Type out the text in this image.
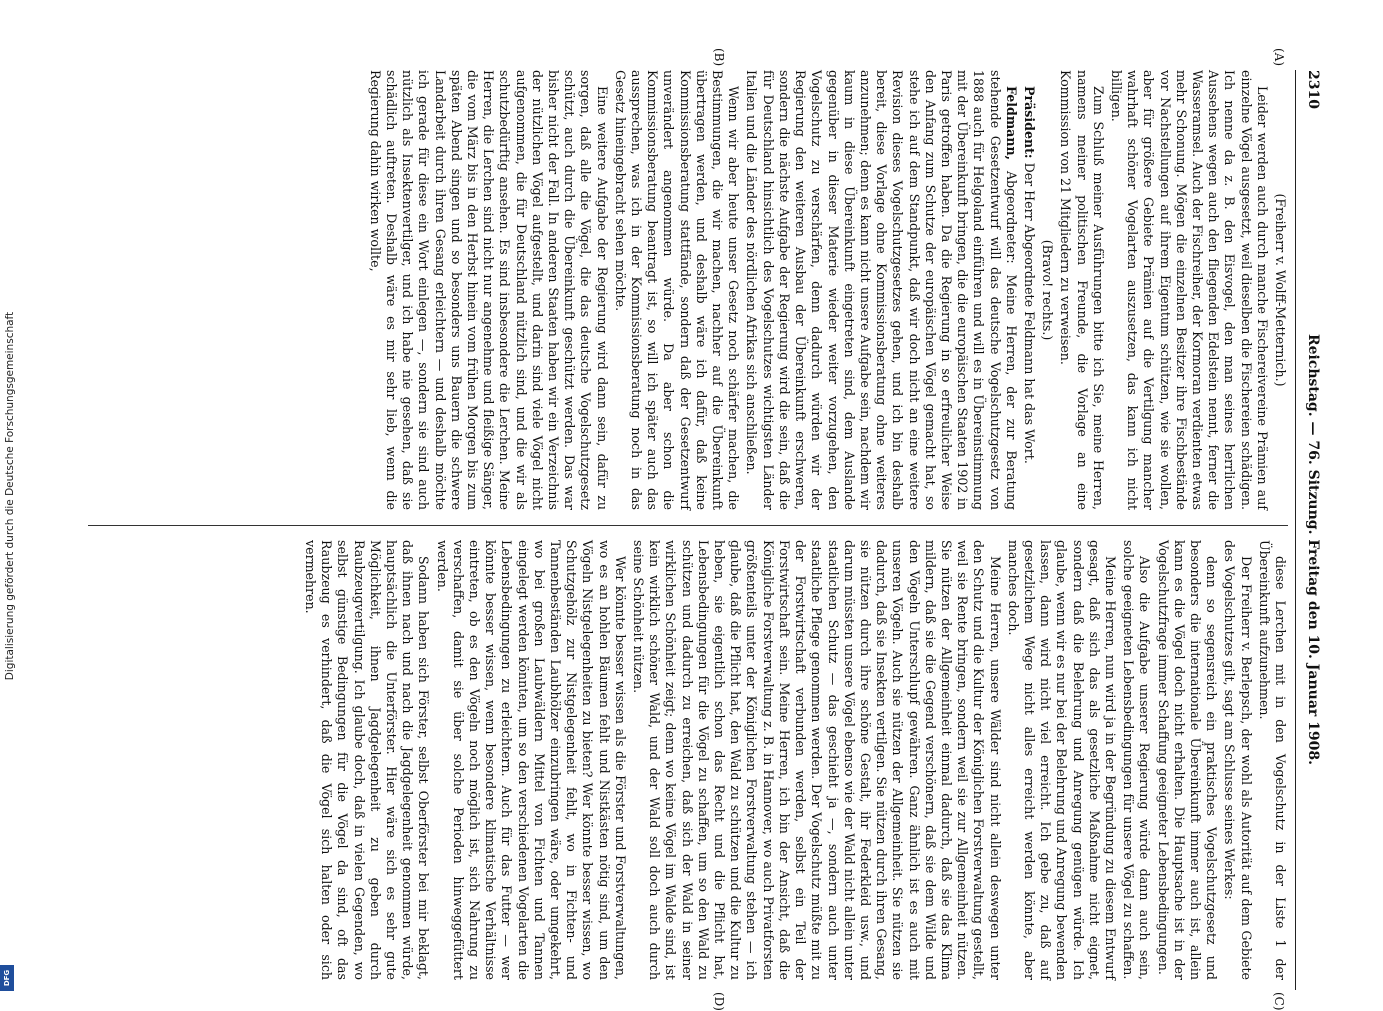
2310
Reichstag. — 76. Sitzung. Freitag den 10. Januar 1908.

(Freiherr v. Wolff-Metternich.)

Leider werden auch durch manche Fischereivereine Prämien auf einzelne Vögel ausgesetzt, weil dieselben die Fischereien schädigen. Ich nenne da z. B. den Eisvogel, den man seines herrlichen Aussehens wegen auch den fliegenden Edelstein nennt, ferner die Wasseramsel. Auch der Fischreiher, der Kormoran verdienten etwas mehr Schonung. Mögen die einzelnen Besitzer ihre Fischbestände vor Nachstellungen auf ihrem Eigentum schützen, wie sie wollen, aber für größere Gebiete Prämien auf die Vertilgung mancher wahrhaft schöner Vogelarten auszusetzen, das kann ich nicht billigen.

Zum Schluß meiner Ausführungen bitte ich Sie, meine Herren, namens meiner politischen Freunde, die Vorlage an eine Kommission von 21 Mitgliedern zu verweisen.

(Bravo! rechts.)

Präsident: Der Herr Abgeordnete Feldmann hat das Wort.

Feldmann, Abgeordneter: Meine Herren, der zur Beratung stehende Gesetzentwurf will das deutsche Vogelschutzgesetz von 1888 auch für Helgoland einführen und will es in Übereinstimmung mit der Übereinkunft bringen, die die europäischen Staaten 1902 in Paris getroffen haben. Da die Regierung in so erfreulicher Weise den Anfang zum Schutze der europäischen Vögel gemacht hat, so stehe ich auf dem Standpunkt, daß wir doch nicht an eine weitere Revision dieses Vogelschutzgesetzes gehen, und ich bin deshalb bereit, diese Vorlage ohne Kommissionsberatung ohne weiteres anzunehmen; denn es kann nicht unsere Aufgabe sein, nachdem wir kaum in diese Übereinkunft eingetreten sind, dem Auslande gegenüber in dieser Materie wieder weiter vorzugehen, den Vogelschutz zu verschärfen, denn dadurch würden wir der Regierung den weiteren Ausbau der Übereinkunft erschweren, sondern die nächste Aufgabe der Regierung wird die sein, daß die für Deutschland hinsichtlich des Vogelschutzes wichtigsten Länder Italien und die Länder des nördlichen Afrikas sich anschließen.

Wenn wir aber heute unser Gesetz noch schärfer machen, die Bestimmungen, die wir machen, nachher auf die Übereinkunft übertragen werden, und deshalb wäre ich dafür, daß keine Kommissionsberatung stattfände, sondern daß der Gesetzentwurf unverändert angenommen würde. Da aber schon die Kommissionsberatung beantragt ist, so will ich später auch das aussprechen, was ich in der Kommissionsberatung noch in das Gesetz hineingebracht sehen möchte.

Eine weitere Aufgabe der Regierung wird dann sein, dafür zu sorgen, daß alle die Vögel, die das deutsche Vogelschutzgesetz schützt, auch durch die Übereinkunft geschützt werden. Das war bisher nicht der Fall. In anderen Staaten haben wir ein Verzeichnis der nützlichen Vögel aufgestellt, und darin sind viele Vögel nicht aufgenommen, die für Deutschland nützlich sind, und die wir als schutzbedürftig ansehen. Es sind insbesondere die Lerchen. Meine Herren, die Lerchen sind nicht nur angenehme und fleißige Sänger, die vom März bis in den Herbst hinein vom frühen Morgen bis zum späten Abend singen und so besonders uns Bauern die schwere Landarbeit durch ihren Gesang erleichtern — und deshalb möchte ich gerade für diese ein Wort einlegen —, sondern sie sind auch nützlich als Insektenvertilger, und ich habe nie gesehen, daß sie schädlich auftreten. Deshalb wäre es mir sehr lieb, wenn die Regierung dahin wirken wollte,

diese Lerchen mit in den Vogelschutz in der Liste 1 der Übereinkunft aufzunehmen.

Der Freiherr v. Berlepsch, der wohl als Autorität auf dem Gebiete des Vogelschutzes gilt, sagt am Schlusse seines Werkes:

denn so segensreich ein praktisches Vogelschutzgesetz und besonders die internationale Übereinkunft immer auch ist, allein kann es die Vögel doch nicht erhalten. Die Hauptsache ist in der Vogelschutzfrage immer Schaffung geeigneter Lebensbedingungen.

Also die Aufgabe unserer Regierung würde dann auch sein, solche geeigneten Lebensbedingungen für unsere Vögel zu schaffen.

Meine Herren, nun wird ja in der Begründung zu diesem Entwurf gesagt, daß sich das als gesetzliche Maßnahme nicht eignet, sondern daß die Belehrung und Anregung genügen würde. Ich glaube, wenn wir es nur bei der Belehrung und Anregung bewenden lassen, dann wird nicht viel erreicht. Ich gebe zu, daß auf gesetzlichem Wege nicht alles erreicht werden könnte, aber manches doch.

Meine Herren, unsere Wälder sind nicht allein deswegen unter den Schutz und die Kultur der Königlichen Forstverwaltung gestellt, weil sie Rente bringen, sondern weil sie zur Allgemeinheit nützen. Sie nützen der Allgemeinheit einmal dadurch, daß sie das Klima mildern, daß sie die Gegend verschönern, daß sie dem Wilde und den Vögeln Unterschlupf gewähren. Ganz ähnlich ist es auch mit unseren Vögeln. Auch sie nützen der Allgemeinheit. Sie nützen sie dadurch, daß sie Insekten vertilgen. Sie nützen durch ihren Gesang, sie nützen durch ihre schöne Gestalt, ihr Federkleid usw., und darum müssten unsere Vögel ebenso wie der Wald nicht allein unter staatlichen Schutz — das geschieht ja —, sondern auch unter staatliche Pflege genommen werden. Der Vogelschutz müßte mit zu der Forstwirtschaft verbunden werden, selbst ein Teil der Forstwirtschaft sein. Meine Herren, ich bin der Ansicht, daß die Königliche Forstverwaltung z. B. in Hannover, wo auch Privatforsten größtenteils unter der Königlichen Forstverwaltung stehen — ich glaube, daß die Pflicht hat, den Wald zu schützen und die Kultur zu heben, sie eigentlich schon das Recht und die Pflicht hat, Lebensbedingungen für die Vögel zu schaffen, um so den Wald zu schützen und dadurch zu erreichen, daß sich der Wald in seiner wirklichen Schönheit zeigt; denn wo keine Vögel im Walde sind, ist kein wirklich schöner Wald, und der Wald soll doch auch durch seine Schönheit nützen.

Wer könnte besser wissen als die Förster und Forstverwaltungen, wo es an hohlen Bäumen fehlt und Nistkästen nötig sind, um den Vögeln Nistgelegenheiten zu bieten? Wer könnte besser wissen, wo Schutzgehölz zur Nistgelegenheit fehlt, wo in Fichten- und Tannenbeständen Laubhölzer einzubringen wäre, oder umgekehrt, wo bei großen Laubwäldern Mittel von Fichten und Tannen eingelegt werden könnten, um so den verschiedenen Vogelarten die Lebensbedingungen zu erleichtern. Auch für das Futter — wer könnte besser wissen, wenn besondere klimatische Verhältnisse eintreten, ob es den Vögeln noch möglich ist, sich Nahrung zu verschaffen, damit sie über solche Perioden hinweggefüttert werden.

Sodann haben sich Förster, selbst Oberförster bei mir beklagt, daß ihnen nach und nach die Jagdgelegenheit genommen würde, hauptsächlich die Unterförster. Hier wäre sich es sehr gute Möglichkeit, ihnen Jagdgelegenheit zu geben durch Raubzeugvertilgung. Ich glaube doch, daß in vielen Gegenden, wo selbst günstige Bedingungen für die Vögel da sind, oft das Raubzeug es verhindert, daß die Vögel sich halten oder sich vermehren.

(A)
(B)
(C)
(D)
Digitalisierung gefördert durch die Deutsche Forschungsgemeinschaft
DFG
